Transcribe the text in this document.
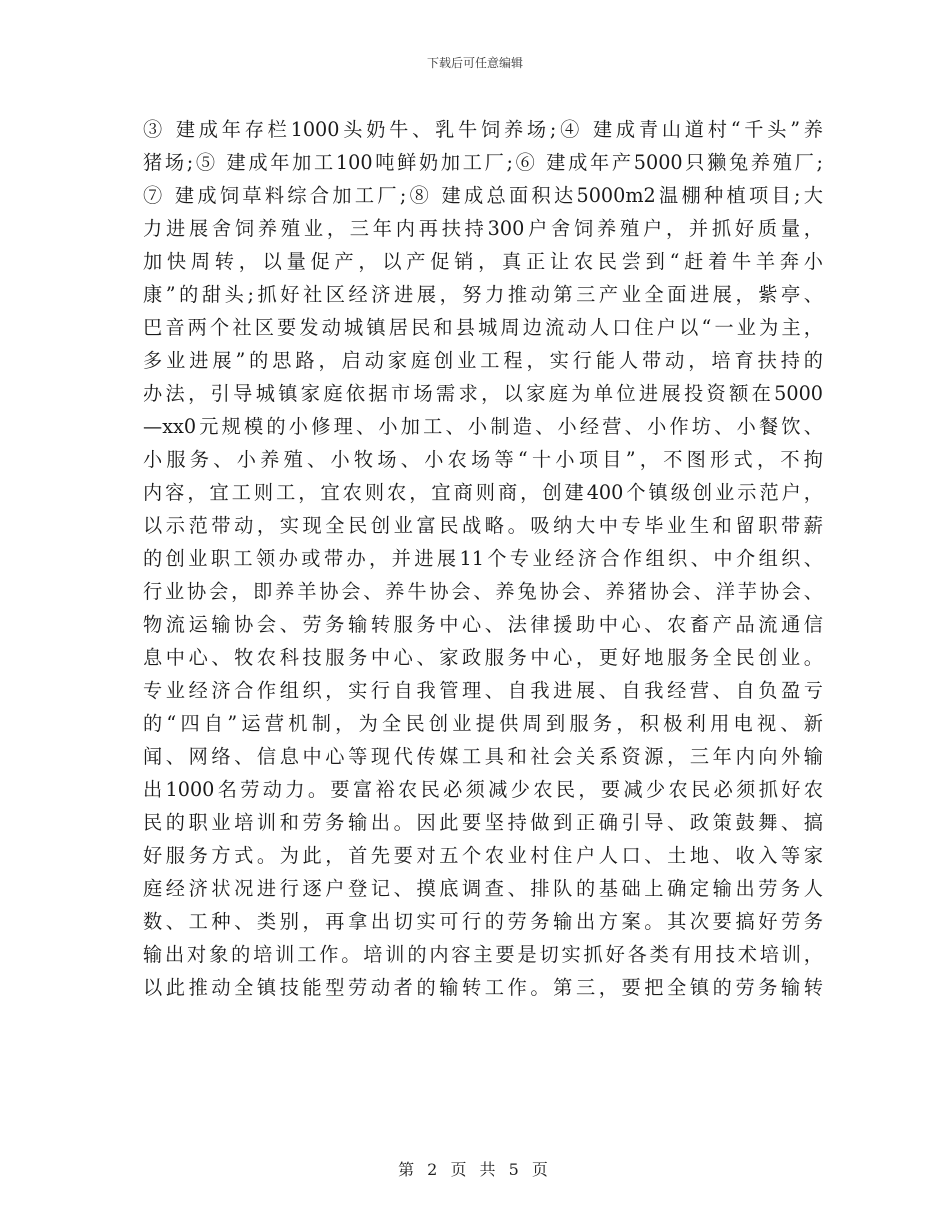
下载后可任意编辑
③ 建成年存栏1000头奶牛、乳牛饲养场;④ 建成青山道村“千头”养
猪场;⑤ 建成年加工100吨鲜奶加工厂;⑥ 建成年产5000只獭兔养殖厂;
⑦ 建成饲草料综合加工厂;⑧ 建成总面积达5000m2温棚种植项目;大
力进展舍饲养殖业，三年内再扶持300户舍饲养殖户，并抓好质量，
加快周转，以量促产，以产促销，真正让农民尝到“赶着牛羊奔小
康”的甜头;抓好社区经济进展，努力推动第三产业全面进展，紫亭、
巴音两个社区要发动城镇居民和县城周边流动人口住户以“一业为主，
多业进展”的思路，启动家庭创业工程，实行能人带动，培育扶持的
办法，引导城镇家庭依据市场需求，以家庭为单位进展投资额在5000
—xx0元规模的小修理、小加工、小制造、小经营、小作坊、小餐饮、
小服务、小养殖、小牧场、小农场等“十小项目”，不图形式，不拘
内容，宜工则工，宜农则农，宜商则商，创建400个镇级创业示范户，
以示范带动，实现全民创业富民战略。吸纳大中专毕业生和留职带薪
的创业职工领办或带办，并进展11个专业经济合作组织、中介组织、
行业协会，即养羊协会、养牛协会、养兔协会、养猪协会、洋芋协会、
物流运输协会、劳务输转服务中心、法律援助中心、农畜产品流通信
息中心、牧农科技服务中心、家政服务中心，更好地服务全民创业。
专业经济合作组织，实行自我管理、自我进展、自我经营、自负盈亏
的“四自”运营机制，为全民创业提供周到服务，积极利用电视、新
闻、网络、信息中心等现代传媒工具和社会关系资源，三年内向外输
出1000名劳动力。要富裕农民必须减少农民，要减少农民必须抓好农
民的职业培训和劳务输出。因此要坚持做到正确引导、政策鼓舞、搞
好服务方式。为此，首先要对五个农业村住户人口、土地、收入等家
庭经济状况进行逐户登记、摸底调查、排队的基础上确定输出劳务人
数、工种、类别，再拿出切实可行的劳务输出方案。其次要搞好劳务
输出对象的培训工作。培训的内容主要是切实抓好各类有用技术培训，
以此推动全镇技能型劳动者的输转工作。第三，要把全镇的劳务输转
第 2 页 共 5 页
